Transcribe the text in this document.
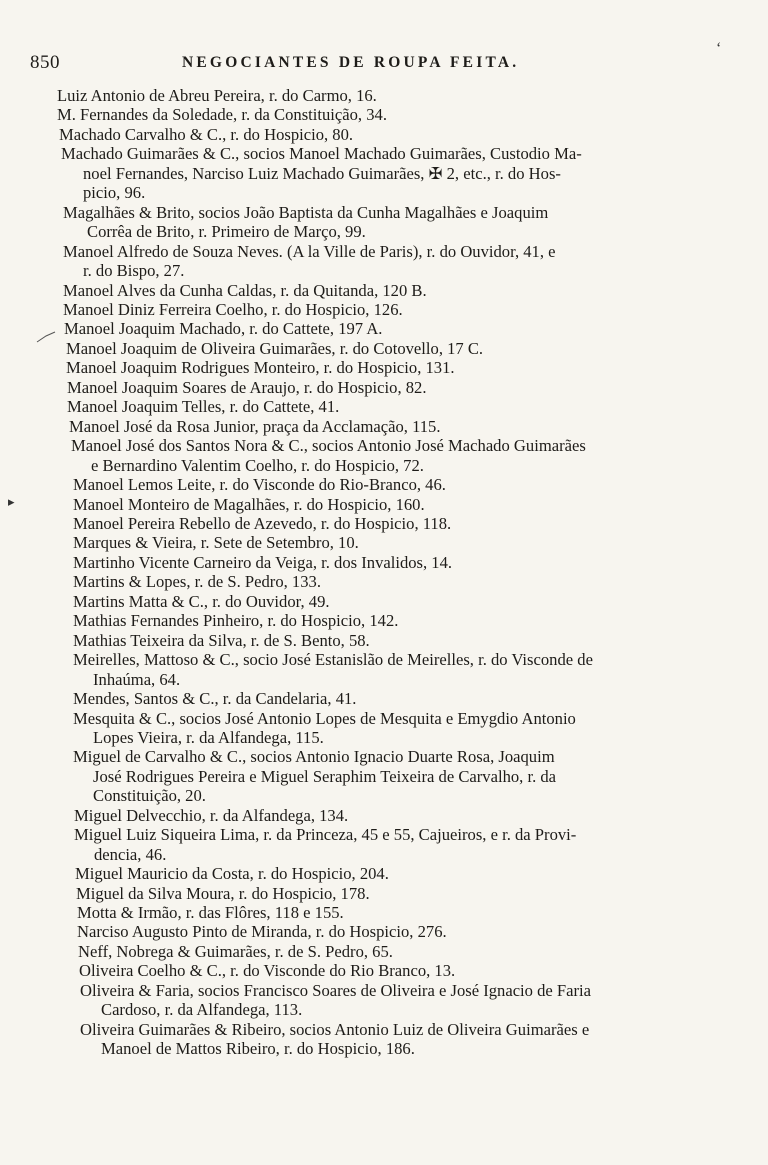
850	NEGOCIANTES DE ROUPA FEITA.
‘
▸
Luiz Antonio de Abreu Pereira, r. do Carmo, 16.
M. Fernandes da Soledade, r. da Constituição, 34.
Machado Carvalho & C., r. do Hospicio, 80.
Machado Guimarães & C., socios Manoel Machado Guimarães, Custodio Ma-

noel Fernandes, Narciso Luiz Machado Guimarães, ✠ 2, etc., r. do Hos-
picio, 96.
Magalhães & Brito, socios João Baptista da Cunha Magalhães e Joaquim

Corrêa de Brito, r. Primeiro de Março, 99.
Manoel Alfredo de Souza Neves. (A la Ville de Paris), r. do Ouvidor, 41, e

r. do Bispo, 27.
Manoel Alves da Cunha Caldas, r. da Quitanda, 120 B.
Manoel Diniz Ferreira Coelho, r. do Hospicio, 126.
Manoel Joaquim Machado, r. do Cattete, 197 A.
Manoel Joaquim de Oliveira Guimarães, r. do Cotovello, 17 C.
Manoel Joaquim Rodrigues Monteiro, r. do Hospicio, 131.
Manoel Joaquim Soares de Araujo, r. do Hospicio, 82.
Manoel Joaquim Telles, r. do Cattete, 41.
Manoel José da Rosa Junior, praça da Acclamação, 115.
Manoel José dos Santos Nora & C., socios Antonio José Machado Guimarães

e Bernardino Valentim Coelho, r. do Hospicio, 72.
Manoel Lemos Leite, r. do Visconde do Rio-Branco, 46.
Manoel Monteiro de Magalhães, r. do Hospicio, 160.
Manoel Pereira Rebello de Azevedo, r. do Hospicio, 118.
Marques & Vieira, r. Sete de Setembro, 10.
Martinho Vicente Carneiro da Veiga, r. dos Invalidos, 14.
Martins & Lopes, r. de S. Pedro, 133.
Martins Matta & C., r. do Ouvidor, 49.
Mathias Fernandes Pinheiro, r. do Hospicio, 142.
Mathias Teixeira da Silva, r. de S. Bento, 58.
Meirelles, Mattoso & C., socio José Estanislão de Meirelles, r. do Visconde de

Inhaúma, 64.
Mendes, Santos & C., r. da Candelaria, 41.
Mesquita & C., socios José Antonio Lopes de Mesquita e Emygdio Antonio

Lopes Vieira, r. da Alfandega, 115.
Miguel de Carvalho & C., socios Antonio Ignacio Duarte Rosa, Joaquim

José Rodrigues Pereira e Miguel Seraphim Teixeira de Carvalho, r. da
Constituição, 20.
Miguel Delvecchio, r. da Alfandega, 134.
Miguel Luiz Siqueira Lima, r. da Princeza, 45 e 55, Cajueiros, e r. da Provi-

dencia, 46.
Miguel Mauricio da Costa, r. do Hospicio, 204.
Miguel da Silva Moura, r. do Hospicio, 178.
Motta & Irmão, r. das Flôres, 118 e 155.
Narciso Augusto Pinto de Miranda, r. do Hospicio, 276.
Neff, Nobrega & Guimarães, r. de S. Pedro, 65.
Oliveira Coelho & C., r. do Visconde do Rio Branco, 13.
Oliveira & Faria, socios Francisco Soares de Oliveira e José Ignacio de Faria

Cardoso, r. da Alfandega, 113.
Oliveira Guimarães & Ribeiro, socios Antonio Luiz de Oliveira Guimarães e

Manoel de Mattos Ribeiro, r. do Hospicio, 186.
